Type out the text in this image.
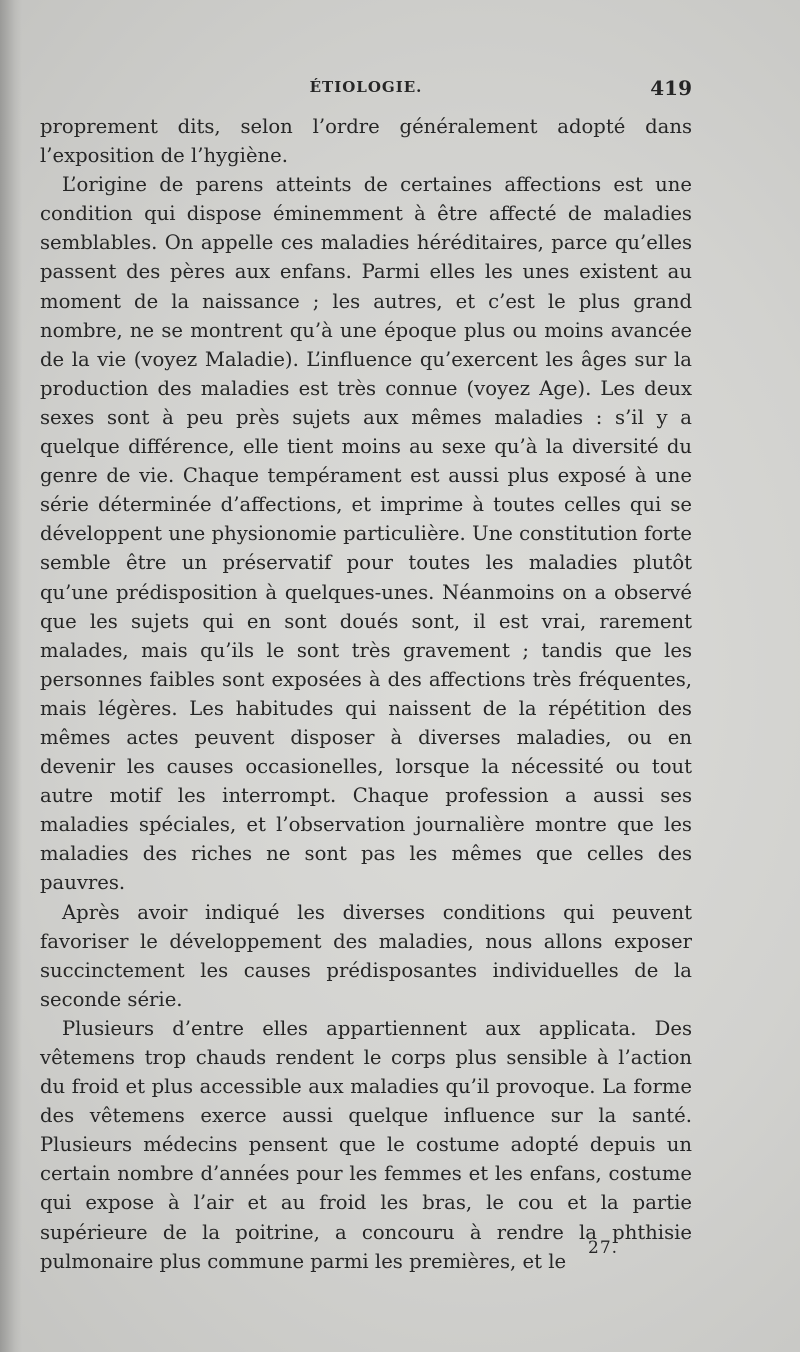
ÉTIOLOGIE.	419

proprement dits, selon l’ordre généralement adopté dans l’exposition de l’hygiène.

L’origine de parens atteints de certaines affections est une condition qui dispose éminemment à être affecté de maladies semblables. On appelle ces maladies héréditaires, parce qu’elles passent des pères aux enfans. Parmi elles les unes existent au moment de la naissance ; les autres, et c’est le plus grand nombre, ne se montrent qu’à une époque plus ou moins avancée de la vie (voyez Maladie). L’influence qu’exercent les âges sur la production des maladies est très connue (voyez Age). Les deux sexes sont à peu près sujets aux mêmes maladies : s’il y a quelque différence, elle tient moins au sexe qu’à la diversité du genre de vie. Chaque tempérament est aussi plus exposé à une série déterminée d’affections, et imprime à toutes celles qui se développent une physionomie particulière. Une constitution forte semble être un préservatif pour toutes les maladies plutôt qu’une prédisposition à quelques-unes. Néanmoins on a observé que les sujets qui en sont doués sont, il est vrai, rarement malades, mais qu’ils le sont très gravement ; tandis que les personnes faibles sont exposées à des affections très fréquentes, mais légères. Les habitudes qui naissent de la répétition des mêmes actes peuvent disposer à diverses maladies, ou en devenir les causes occasionelles, lorsque la nécessité ou tout autre motif les interrompt. Chaque profession a aussi ses maladies spéciales, et l’observation journalière montre que les maladies des riches ne sont pas les mêmes que celles des pauvres.

Après avoir indiqué les diverses conditions qui peuvent favoriser le développement des maladies, nous allons exposer succinctement les causes prédisposantes individuelles de la seconde série.

Plusieurs d’entre elles appartiennent aux applicata. Des vêtemens trop chauds rendent le corps plus sensible à l’action du froid et plus accessible aux maladies qu’il provoque. La forme des vêtemens exerce aussi quelque influence sur la santé. Plusieurs médecins pensent que le costume adopté depuis un certain nombre d’années pour les femmes et les enfans, costume qui expose à l’air et au froid les bras, le cou et la partie supérieure de la poitrine, a concouru à rendre la phthisie pulmonaire plus commune parmi les premières, et le

27.
